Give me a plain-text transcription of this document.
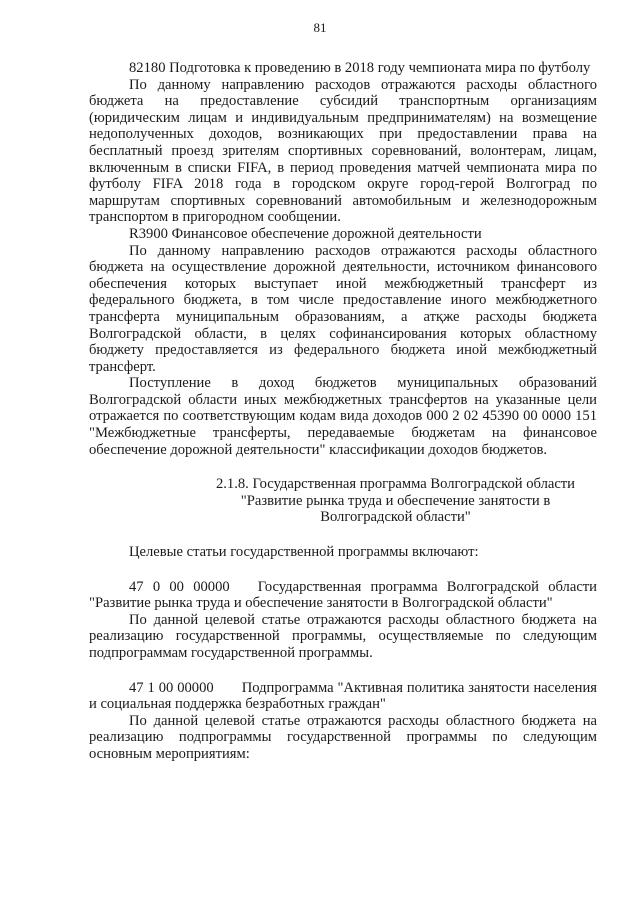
81

82180 Подготовка к проведению в 2018 году чемпионата мира по футболу

По данному направлению расходов отражаются расходы областного бюджета на предоставление субсидий транспортным организациям (юридическим лицам и индивидуальным предпринимателям) на возмещение недополученных доходов, возникающих при предоставлении права на бесплатный проезд зрителям спортивных соревнований, волонтерам, лицам, включенным в списки FIFA, в период проведения матчей чемпионата мира по футболу FIFA 2018 года в городском округе город-герой Волгоград по маршрутам спортивных соревнований автомобильным и железнодорожным транспортом в пригородном сообщении.

R3900 Финансовое обеспечение дорожной деятельности

По данному направлению расходов отражаются расходы областного бюджета на осуществление дорожной деятельности, источником финансового обеспечения которых выступает иной межбюджетный трансферт из федерального бюджета, в том числе предоставление иного межбюджетного трансферта муниципальным образованиям, а атқже расходы бюджета Волгоградской области, в целях софинансирования которых областному бюджету предоставляется из федерального бюджета иной межбюджетный трансферт.

Поступление в доход бюджетов муниципальных образований Волгоградской области иных межбюджетных трансфертов на указанные цели отражается по соответствующим кодам вида доходов 000 2 02 45390 00 0000 151 "Межбюджетные трансферты, передаваемые бюджетам на финансовое обеспечение дорожной деятельности" классификации доходов бюджетов.

2.1.8. Государственная программа Волгоградской области

"Развитие рынка труда и обеспечение занятости в

Волгоградской области"

Целевые статьи государственной программы включают:

47 0 00 00000 Государственная программа Волгоградской области "Развитие рынка труда и обеспечение занятости в Волгоградской области"

По данной целевой статье отражаются расходы областного бюджета на реализацию государственной программы, осуществляемые по следующим подпрограммам государственной программы.

47 1 00 00000 Подпрограмма "Активная политика занятости населения и социальная поддержка безработных граждан"

По данной целевой статье отражаются расходы областного бюджета на реализацию подпрограммы государственной программы по следующим основным мероприятиям:
